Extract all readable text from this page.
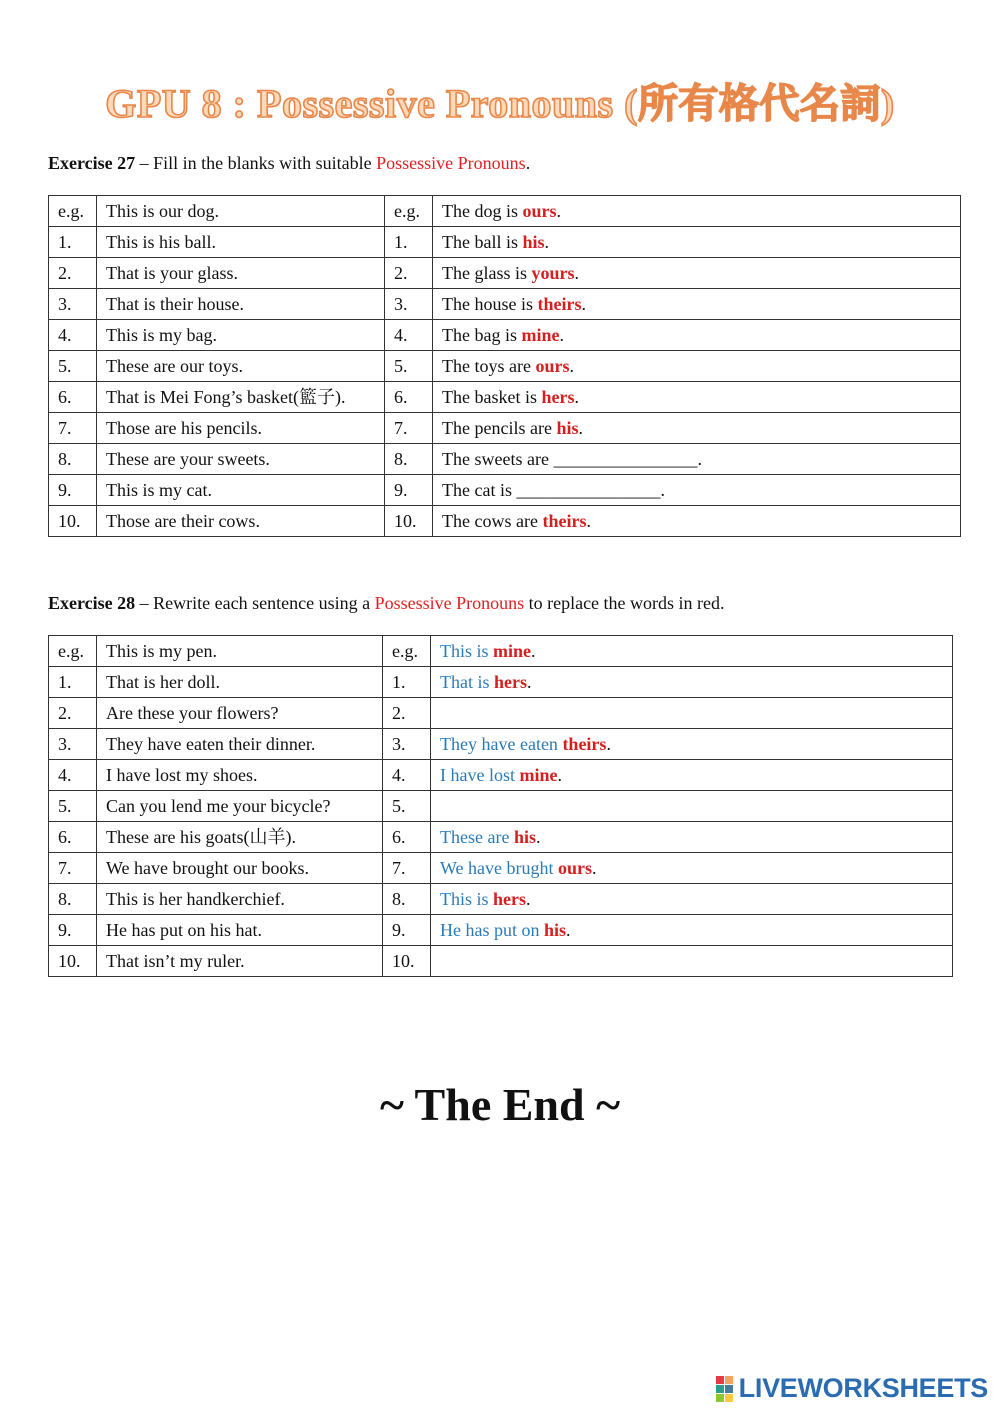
GPU 8 : Possessive Pronouns (所有格代名詞)
Exercise 27 – Fill in the blanks with suitable Possessive Pronouns.
e.g.	This is our dog.	e.g.	The dog is ours.
1.	This is his ball.	1.	The ball is his.
2.	That is your glass.	2.	The glass is yours.
3.	That is their house.	3.	The house is theirs.
4.	This is my bag.	4.	The bag is mine.
5.	These are our toys.	5.	The toys are ours.
6.	That is Mei Fong’s basket(籃子).	6.	The basket is hers.
7.	Those are his pencils.	7.	The pencils are his.
8.	These are your sweets.	8.	The sweets are ________________.
9.	This is my cat.	9.	The cat is ________________.
10.	Those are their cows.	10.	The cows are theirs.
Exercise 28 – Rewrite each sentence using a Possessive Pronouns to replace the words in red.
e.g.	This is my pen.	e.g.	This is mine.
1.	That is her doll.	1.	That is hers.
2.	Are these your flowers?	2.	
3.	They have eaten their dinner.	3.	They have eaten theirs.
4.	I have lost my shoes.	4.	I have lost mine.
5.	Can you lend me your bicycle?	5.	
6.	These are his goats(山羊).	6.	These are his.
7.	We have brought our books.	7.	We have brught ours.
8.	This is her handkerchief.	8.	This is hers.
9.	He has put on his hat.	9.	He has put on his.
10.	That isn’t my ruler.	10.	
~ The End ~
LIVEWORKSHEETS
